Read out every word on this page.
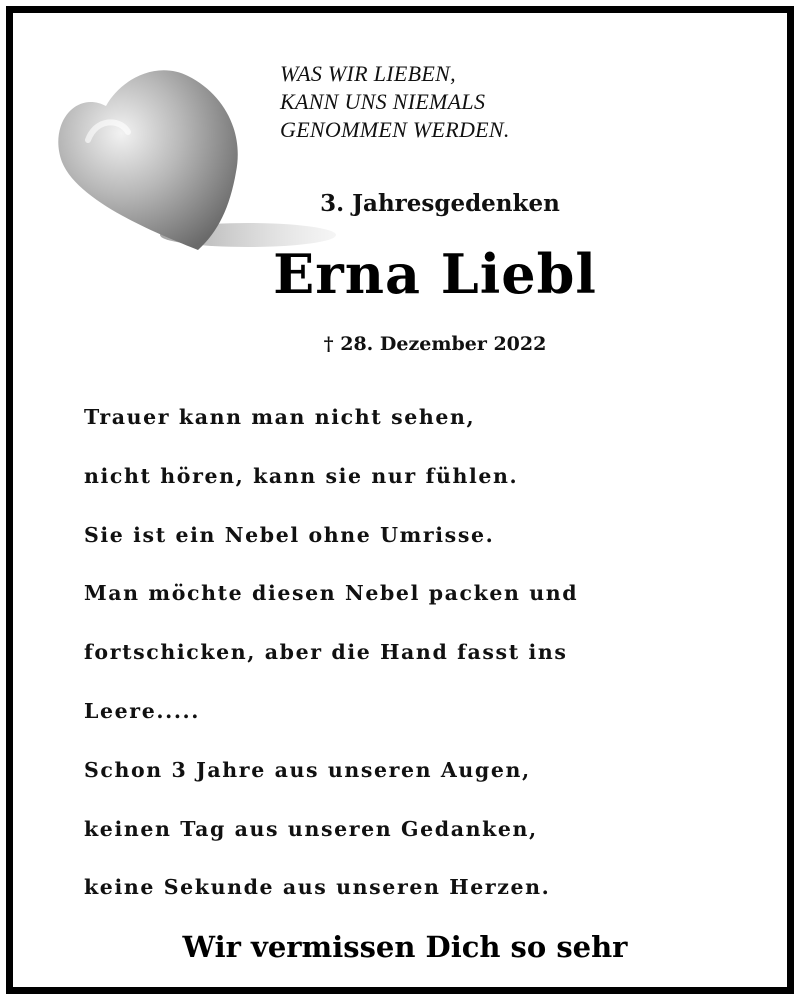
WAS WIR LIEBEN,
KANN UNS NIEMALS
GENOMMEN WERDEN.
3. Jahresgedenken
Erna Liebl
† 28. Dezember 2022
Trauer kann man nicht sehen,
nicht hören, kann sie nur fühlen.
Sie ist ein Nebel ohne Umrisse.
Man möchte diesen Nebel packen und
fortschicken, aber die Hand fasst ins
Leere.....
Schon 3 Jahre aus unseren Augen,
keinen Tag aus unseren Gedanken,
keine Sekunde aus unseren Herzen.
Wir vermissen Dich so sehr
